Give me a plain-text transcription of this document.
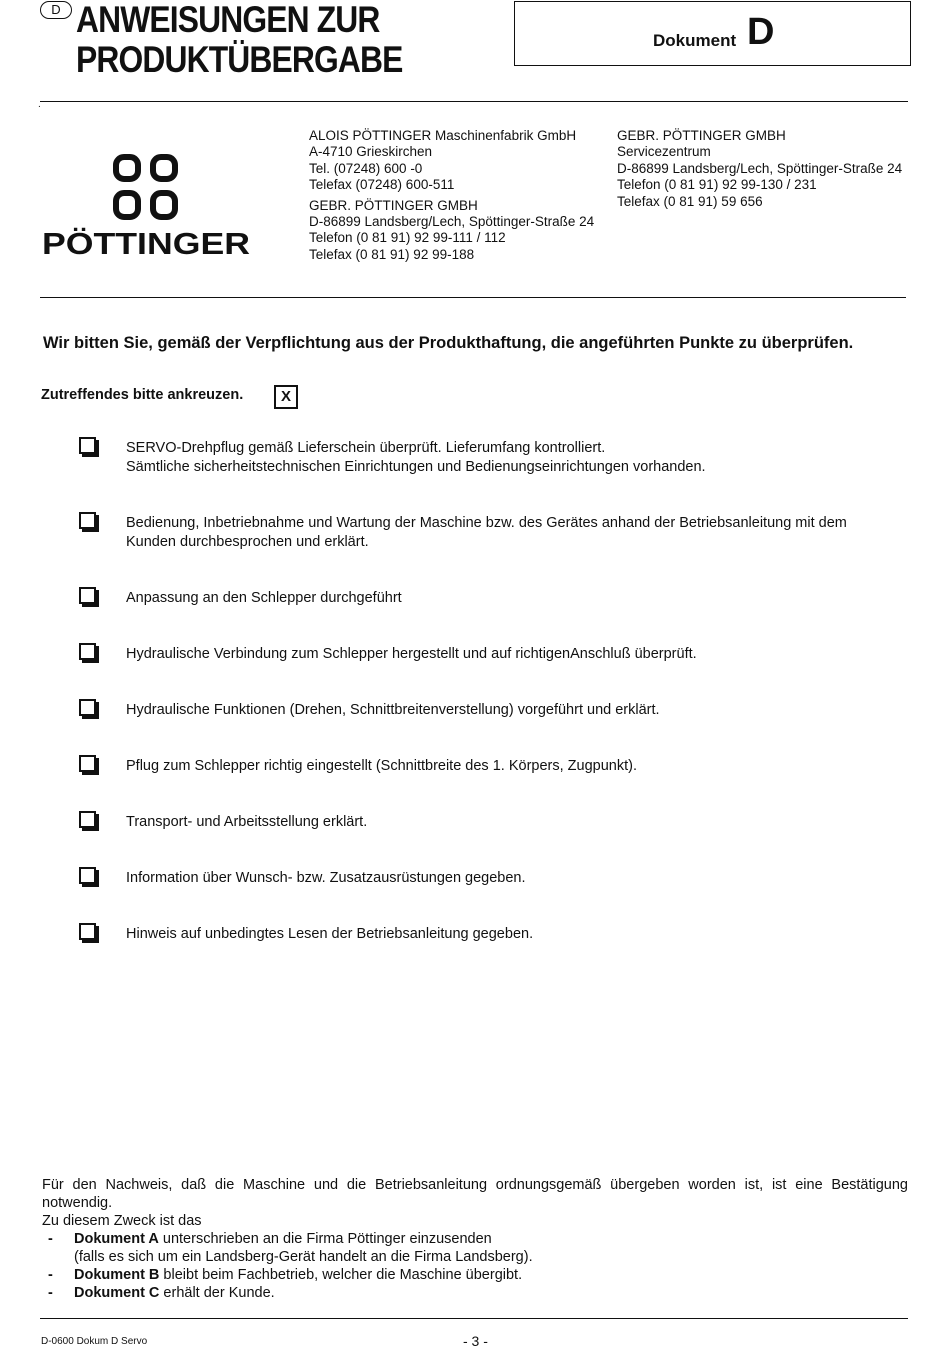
D ANWEISUNGEN ZUR
PRODUKTÜBERGABE	Dokument D
.
PÖTTINGER
ALOIS PÖTTINGER Maschinenfabrik GmbH
A-4710 Grieskirchen
Tel. (07248) 600 -0
Telefax (07248) 600-511
GEBR. PÖTTINGER GMBH
D-86899 Landsberg/Lech, Spöttinger-Straße 24
Telefon (0 81 91) 92 99-111 / 112
Telefax (0 81 91) 92 99-188
GEBR. PÖTTINGER GMBH
Servicezentrum
D-86899 Landsberg/Lech, Spöttinger-Straße 24
Telefon (0 81 91) 92 99-130 / 231
Telefax (0 81 91) 59 656
Wir bitten Sie, gemäß der Verpflichtung aus der Produkthaftung, die angeführten Punkte zu überprüfen.
Zutreffendes bitte ankreuzen.	X
SERVO-Drehpflug gemäß Lieferschein überprüft. Lieferumfang kontrolliert.
Sämtliche sicherheitstechnischen Einrichtungen und Bedienungseinrichtungen vorhanden.
Bedienung, Inbetriebnahme und Wartung der Maschine bzw. des Gerätes anhand der Betriebsanleitung mit dem
Kunden durchbesprochen und erklärt.
Anpassung an den Schlepper durchgeführt
Hydraulische Verbindung zum Schlepper hergestellt und auf richtigenAnschluß überprüft.
Hydraulische Funktionen (Drehen, Schnittbreitenverstellung) vorgeführt und erklärt.
Pflug zum Schlepper richtig eingestellt (Schnittbreite des 1. Körpers, Zugpunkt).
Transport- und Arbeitsstellung erklärt.
Information über Wunsch- bzw. Zusatzausrüstungen gegeben.
Hinweis auf unbedingtes Lesen der Betriebsanleitung gegeben.

Für den Nachweis, daß die Maschine und die Betriebsanleitung ordnungsgemäß übergeben worden ist, ist eine Bestätigung notwendig.

Zu diesem Zweck ist das

- Dokument A unterschrieben an die Firma Pöttinger einzusenden
(falls es sich um ein Landsberg-Gerät handelt an die Firma Landsberg).
- Dokument B bleibt beim Fachbetrieb, welcher die Maschine übergibt.
- Dokument C erhält der Kunde.
D-0600 Dokum D Servo	- 3 -
